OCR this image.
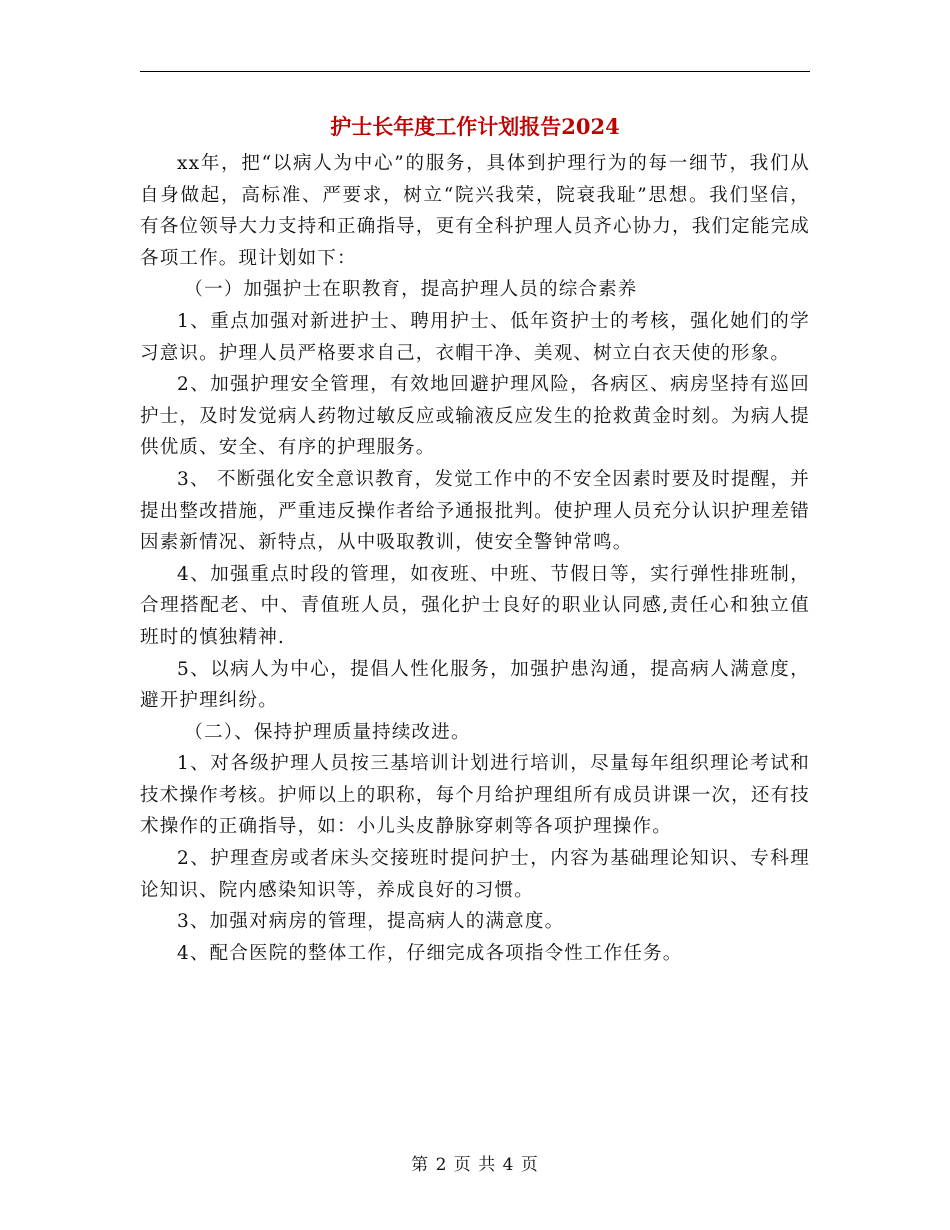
护士长年度工作计划报告2024

xx年，把“以病人为中心”的服务，具体到护理行为的每一细节，我们从自身做起，高标准、严要求，树立“院兴我荣，院衰我耻”思想。我们坚信，有各位领导大力支持和正确指导，更有全科护理人员齐心协力，我们定能完成各项工作。现计划如下：

（一）加强护士在职教育，提高护理人员的综合素养

1、重点加强对新进护士、聘用护士、低年资护士的考核，强化她们的学习意识。护理人员严格要求自己，衣帽干净、美观、树立白衣天使的形象。

2、加强护理安全管理，有效地回避护理风险，各病区、病房坚持有巡回护士，及时发觉病人药物过敏反应或输液反应发生的抢救黄金时刻。为病人提供优质、安全、有序的护理服务。

3、 不断强化安全意识教育，发觉工作中的不安全因素时要及时提醒，并提出整改措施，严重违反操作者给予通报批判。使护理人员充分认识护理差错因素新情况、新特点，从中吸取教训，使安全警钟常鸣。

4、加强重点时段的管理，如夜班、中班、节假日等，实行弹性排班制，合理搭配老、中、青值班人员，强化护士良好的职业认同感,责任心和独立值班时的慎独精神.

5、以病人为中心，提倡人性化服务，加强护患沟通，提高病人满意度，避开护理纠纷。

（二）、保持护理质量持续改进。

1、对各级护理人员按三基培训计划进行培训，尽量每年组织理论考试和技术操作考核。护师以上的职称，每个月给护理组所有成员讲课一次，还有技术操作的正确指导，如：小儿头皮静脉穿刺等各项护理操作。

2、护理查房或者床头交接班时提问护士，内容为基础理论知识、专科理论知识、院内感染知识等，养成良好的习惯。

3、加强对病房的管理，提高病人的满意度。

4、配合医院的整体工作，仔细完成各项指令性工作任务。

第 2 页 共 4 页
